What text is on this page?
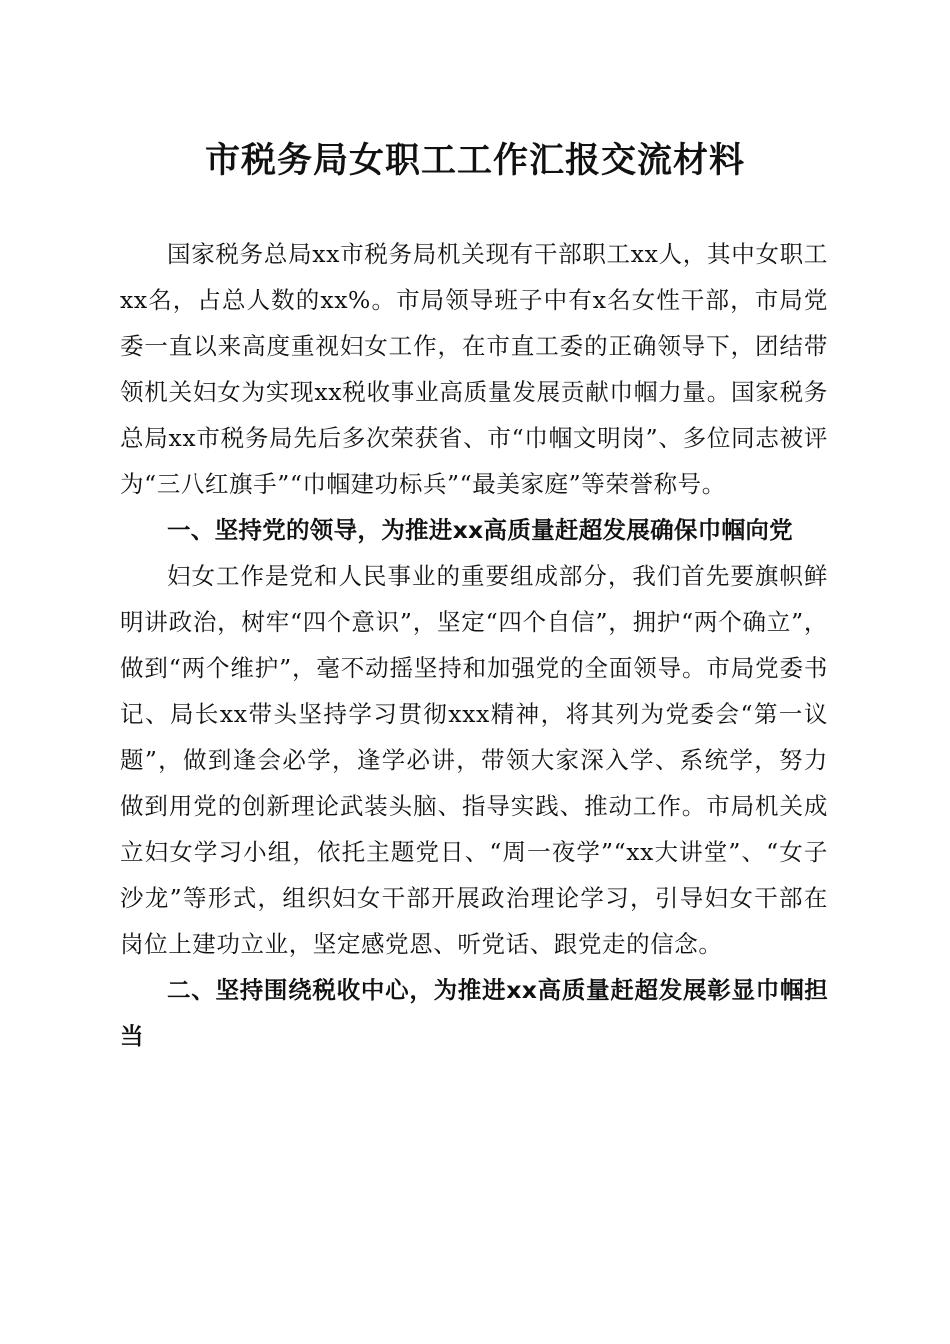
市税务局女职工工作汇报交流材料

国家税务总局xx市税务局机关现有干部职工xx人，其中女职工xx名，占总人数的xx%。市局领导班子中有x名女性干部，市局党委一直以来高度重视妇女工作，在市直工委的正确领导下，团结带领机关妇女为实现xx税收事业高质量发展贡献巾帼力量。国家税务总局xx市税务局先后多次荣获省、市“巾帼文明岗”、多位同志被评为“三八红旗手”“巾帼建功标兵”“最美家庭”等荣誉称号。

一、坚持党的领导，为推进xx高质量赶超发展确保巾帼向党

妇女工作是党和人民事业的重要组成部分，我们首先要旗帜鲜明讲政治，树牢“四个意识”，坚定“四个自信”，拥护“两个确立”，做到“两个维护”，毫不动摇坚持和加强党的全面领导。市局党委书记、局长xx带头坚持学习贯彻xxx精神，将其列为党委会“第一议题”，做到逢会必学，逢学必讲，带领大家深入学、系统学，努力做到用党的创新理论武装头脑、指导实践、推动工作。市局机关成立妇女学习小组，依托主题党日、“周一夜学”“xx大讲堂”、“女子沙龙”等形式，组织妇女干部开展政治理论学习，引导妇女干部在岗位上建功立业，坚定感党恩、听党话、跟党走的信念。

二、坚持围绕税收中心，为推进xx高质量赶超发展彰显巾帼担当
